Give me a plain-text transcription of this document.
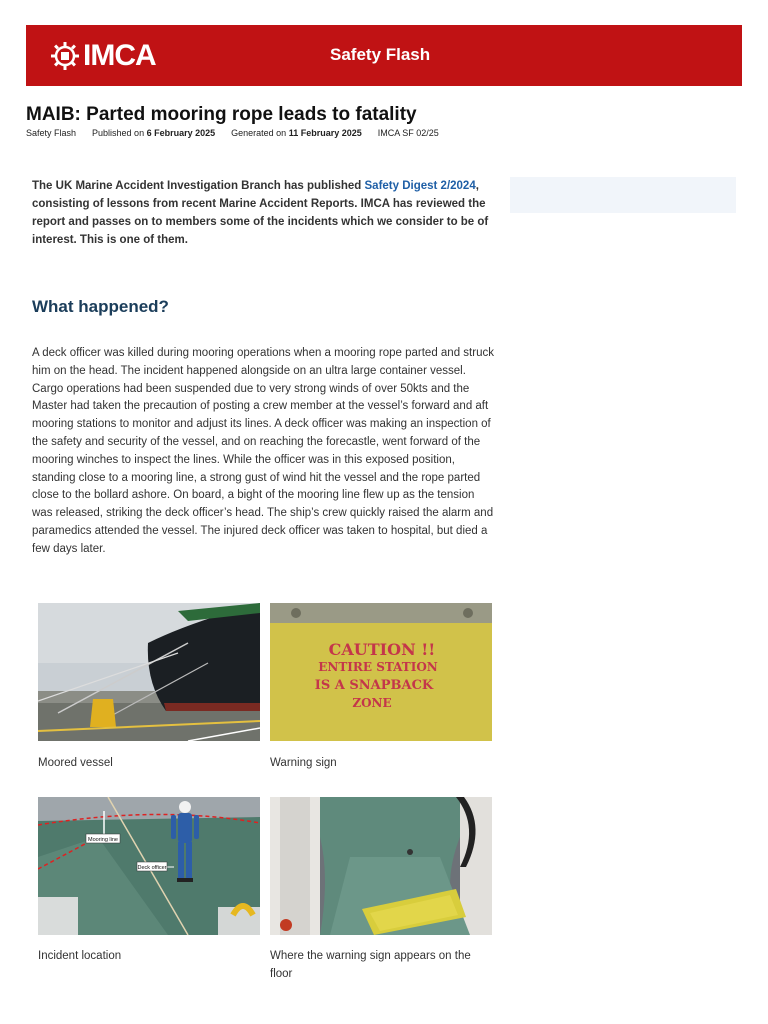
IMCA	Safety Flash
MAIB: Parted mooring rope leads to fatality
Safety Flash Published on 6 February 2025 Generated on 11 February 2025 IMCA SF 02/25
The UK Marine Accident Investigation Branch has published Safety Digest 2/2024, consisting of lessons from recent Marine Accident Reports. IMCA has reviewed the report and passes on to members some of the incidents which we consider to be of interest. This is one of them.
What happened?

A deck officer was killed during mooring operations when a mooring rope parted and struck him on the head. The incident happened alongside on an ultra large container vessel. Cargo operations had been suspended due to very strong winds of over 50kts and the Master had taken the precaution of posting a crew member at the vessel’s forward and aft mooring stations to monitor and adjust its lines. A deck officer was making an inspection of the safety and security of the vessel, and on reaching the forecastle, went forward of the mooring winches to inspect the lines. While the officer was in this exposed position, standing close to a mooring line, a strong gust of wind hit the vessel and the rope parted close to the bollard ashore. On board, a bight of the mooring line flew up as the tension was released, striking the deck officer’s head. The ship’s crew quickly raised the alarm and paramedics attended the vessel. The injured deck officer was taken to hospital, but died a few days later.

Moored vessel
CAUTION !!
ENTIRE STATION
IS A SNAPBACK
ZONE
Warning sign
Mooring line
Deck officer
Incident location	Where the warning sign appears on the floor
